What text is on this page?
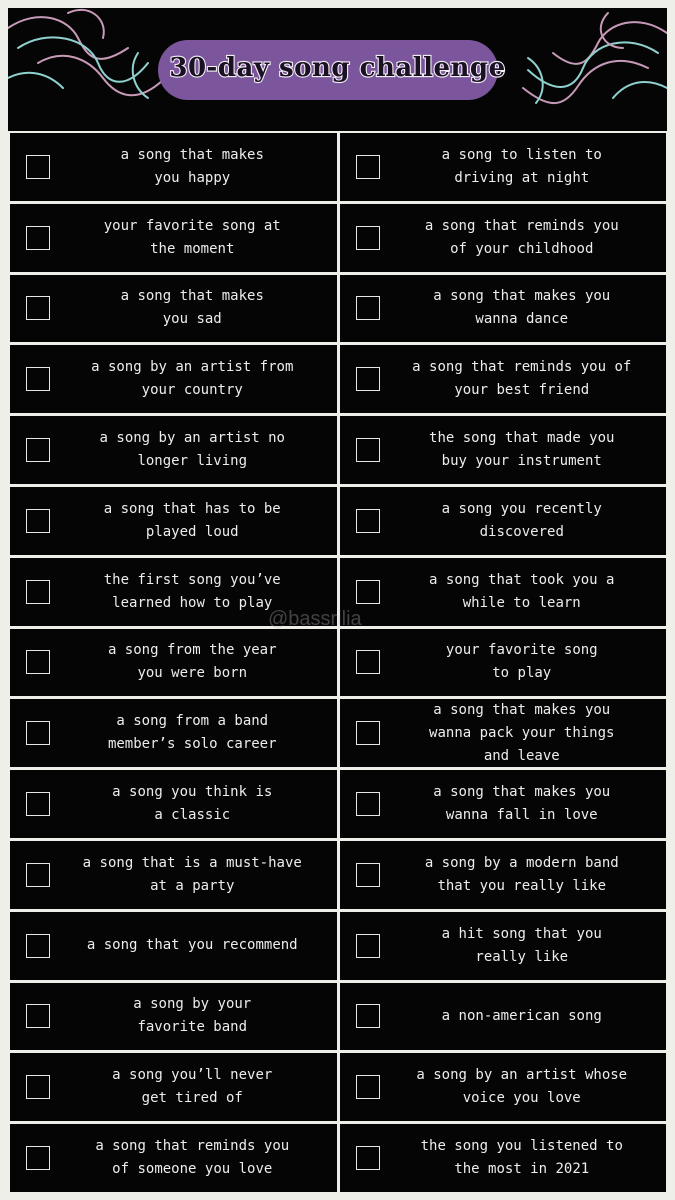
30-day song challenge
a song that makes
you happy
a song to listen to
driving at night
your favorite song at
the moment
a song that reminds you
of your childhood
a song that makes
you sad
a song that makes you
wanna dance
a song by an artist from
your country
a song that reminds you of
your best friend
a song by an artist no
longer living
the song that made you
buy your instrument
a song that has to be
played loud
a song you recently
discovered
the first song you’ve
learned how to play
a song that took you a
while to learn
a song from the year
you were born
your favorite song
to play
a song from a band
member’s solo career
a song that makes you
wanna pack your things
and leave
a song you think is
a classic
a song that makes you
wanna fall in love
a song that is a must-have
at a party
a song by a modern band
that you really like
a song that you recommend
a hit song that you
really like
a song by your
favorite band
a non-american song
a song you’ll never
get tired of
a song by an artist whose
voice you love
a song that reminds you
of someone you love
the song you listened to
the most in 2021
@bassrilia
